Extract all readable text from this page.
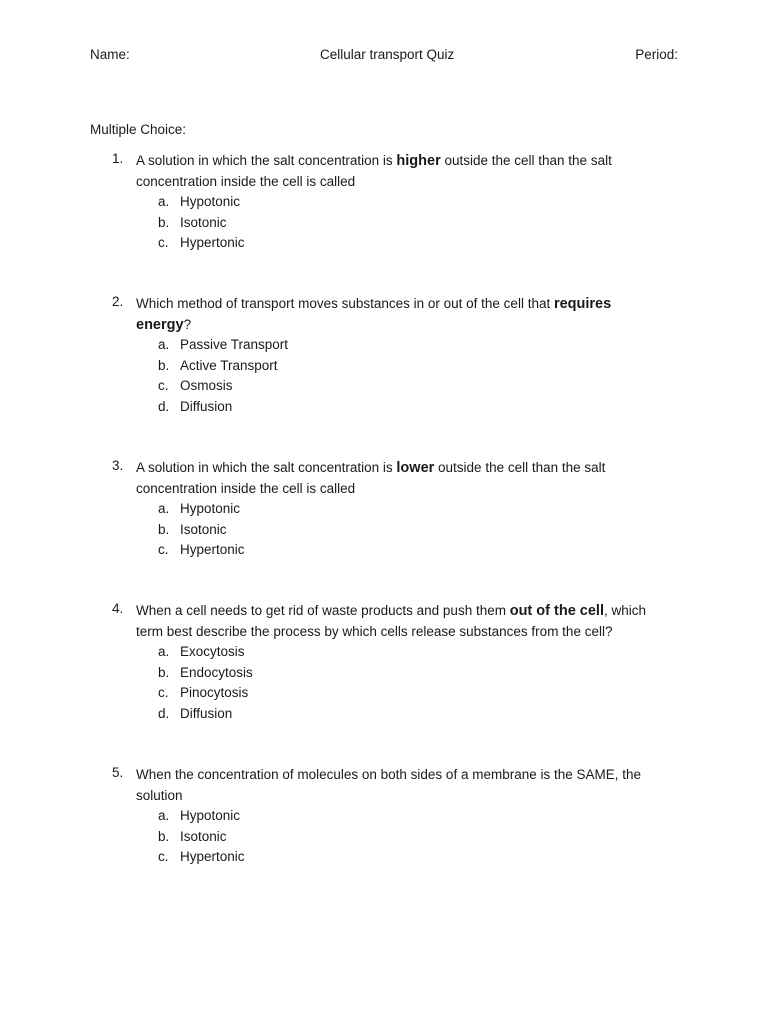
Name:	Cellular transport Quiz	Period:
Multiple Choice:
1. A solution in which the salt concentration is higher outside the cell than the salt concentration inside the cell is called
a. Hypotonic
b. Isotonic
c. Hypertonic
2. Which method of transport moves substances in or out of the cell that requires energy?
a. Passive Transport
b. Active Transport
c. Osmosis
d. Diffusion
3. A solution in which the salt concentration is lower outside the cell than the salt concentration inside the cell is called
a. Hypotonic
b. Isotonic
c. Hypertonic
4. When a cell needs to get rid of waste products and push them out of the cell, which term best describe the process by which cells release substances from the cell?
a. Exocytosis
b. Endocytosis
c. Pinocytosis
d. Diffusion
5. When the concentration of molecules on both sides of a membrane is the SAME, the solution
a. Hypotonic
b. Isotonic
c. Hypertonic
